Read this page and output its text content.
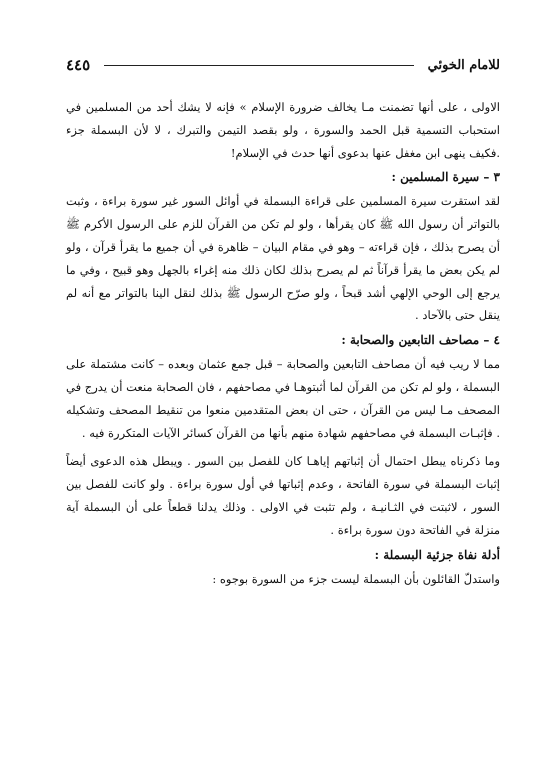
للامام الخوئي
٤٤٥

الاولى ، على أنها تضمنت مـا يخالف ضرورة الإسلام » فإنه لا يشك أحد من المسلمين في استحباب التسمية قبل الحمد والسورة ، ولو بقصد التيمن والتبرك ، لا لأن البسملة جزء .فكيف ينهى ابن مغفل عنها بدعوى أنها حدث في الإسلام!

٣ – سيرة المسلمين :

لقد استقرت سيرة المسلمين على قراءة البسملة في أوائل السور غير سورة براءة ، وثبت بالتواتر أن رسول الله ﷺ كان يقرأها ، ولو لم تكن من القرآن للزم على الرسول الأكرم ﷺ أن يصرح بذلك ، فإن قراءته – وهو في مقام البيان – ظاهرة في أن جميع ما يقرأ قرآن ، ولو لم يكن بعض ما يقرأ قرآناً ثم لم يصرح بذلك لكان ذلك منه إغراء بالجهل وهو قبيح ، وفي ما يرجع إلى الوحي الإلهي أشد قبحاً ، ولو صرّح الرسول ﷺ بذلك لنقل الينا بالتواتر مع أنه لم ينقل حتى بالآحاد .

٤ – مصاحف التابعين والصحابة :

مما لا ريب فيه أن مصاحف التابعين والصحابة – قبل جمع عثمان وبعده – كانت مشتملة على البسملة ، ولو لم تكن من القرآن لما أثبتوهـا في مصاحفهم ، فان الصحابة منعت أن يدرج في المصحف مـا ليس من القرآن ، حتى ان بعض المتقدمين منعوا من تنقيط المصحف وتشكيله . فإثبـات البسملة في مصاحفهم شهادة منهم بأنها من القرآن كسائر الآيات المتكررة فيه .

وما ذكرناه يبطل احتمال أن إثباتهم إياهـا كان للفصل بين السور . ويبطل هذه الدعوى أيضاً إثبات البسملة في سورة الفاتحة ، وعدم إثباتها في أول سورة براءة . ولو كانت للفصل بين السور ، لاثبتت في الثـانيـة ، ولم تثبت في الاولى . وذلك يدلنا قطعاً على أن البسملة آية منزلة في الفاتحة دون سورة براءة .

أدلة نفاة جزئية البسملة :

واستدلّ القائلون بأن البسملة ليست جزء من السورة بوجوه :
